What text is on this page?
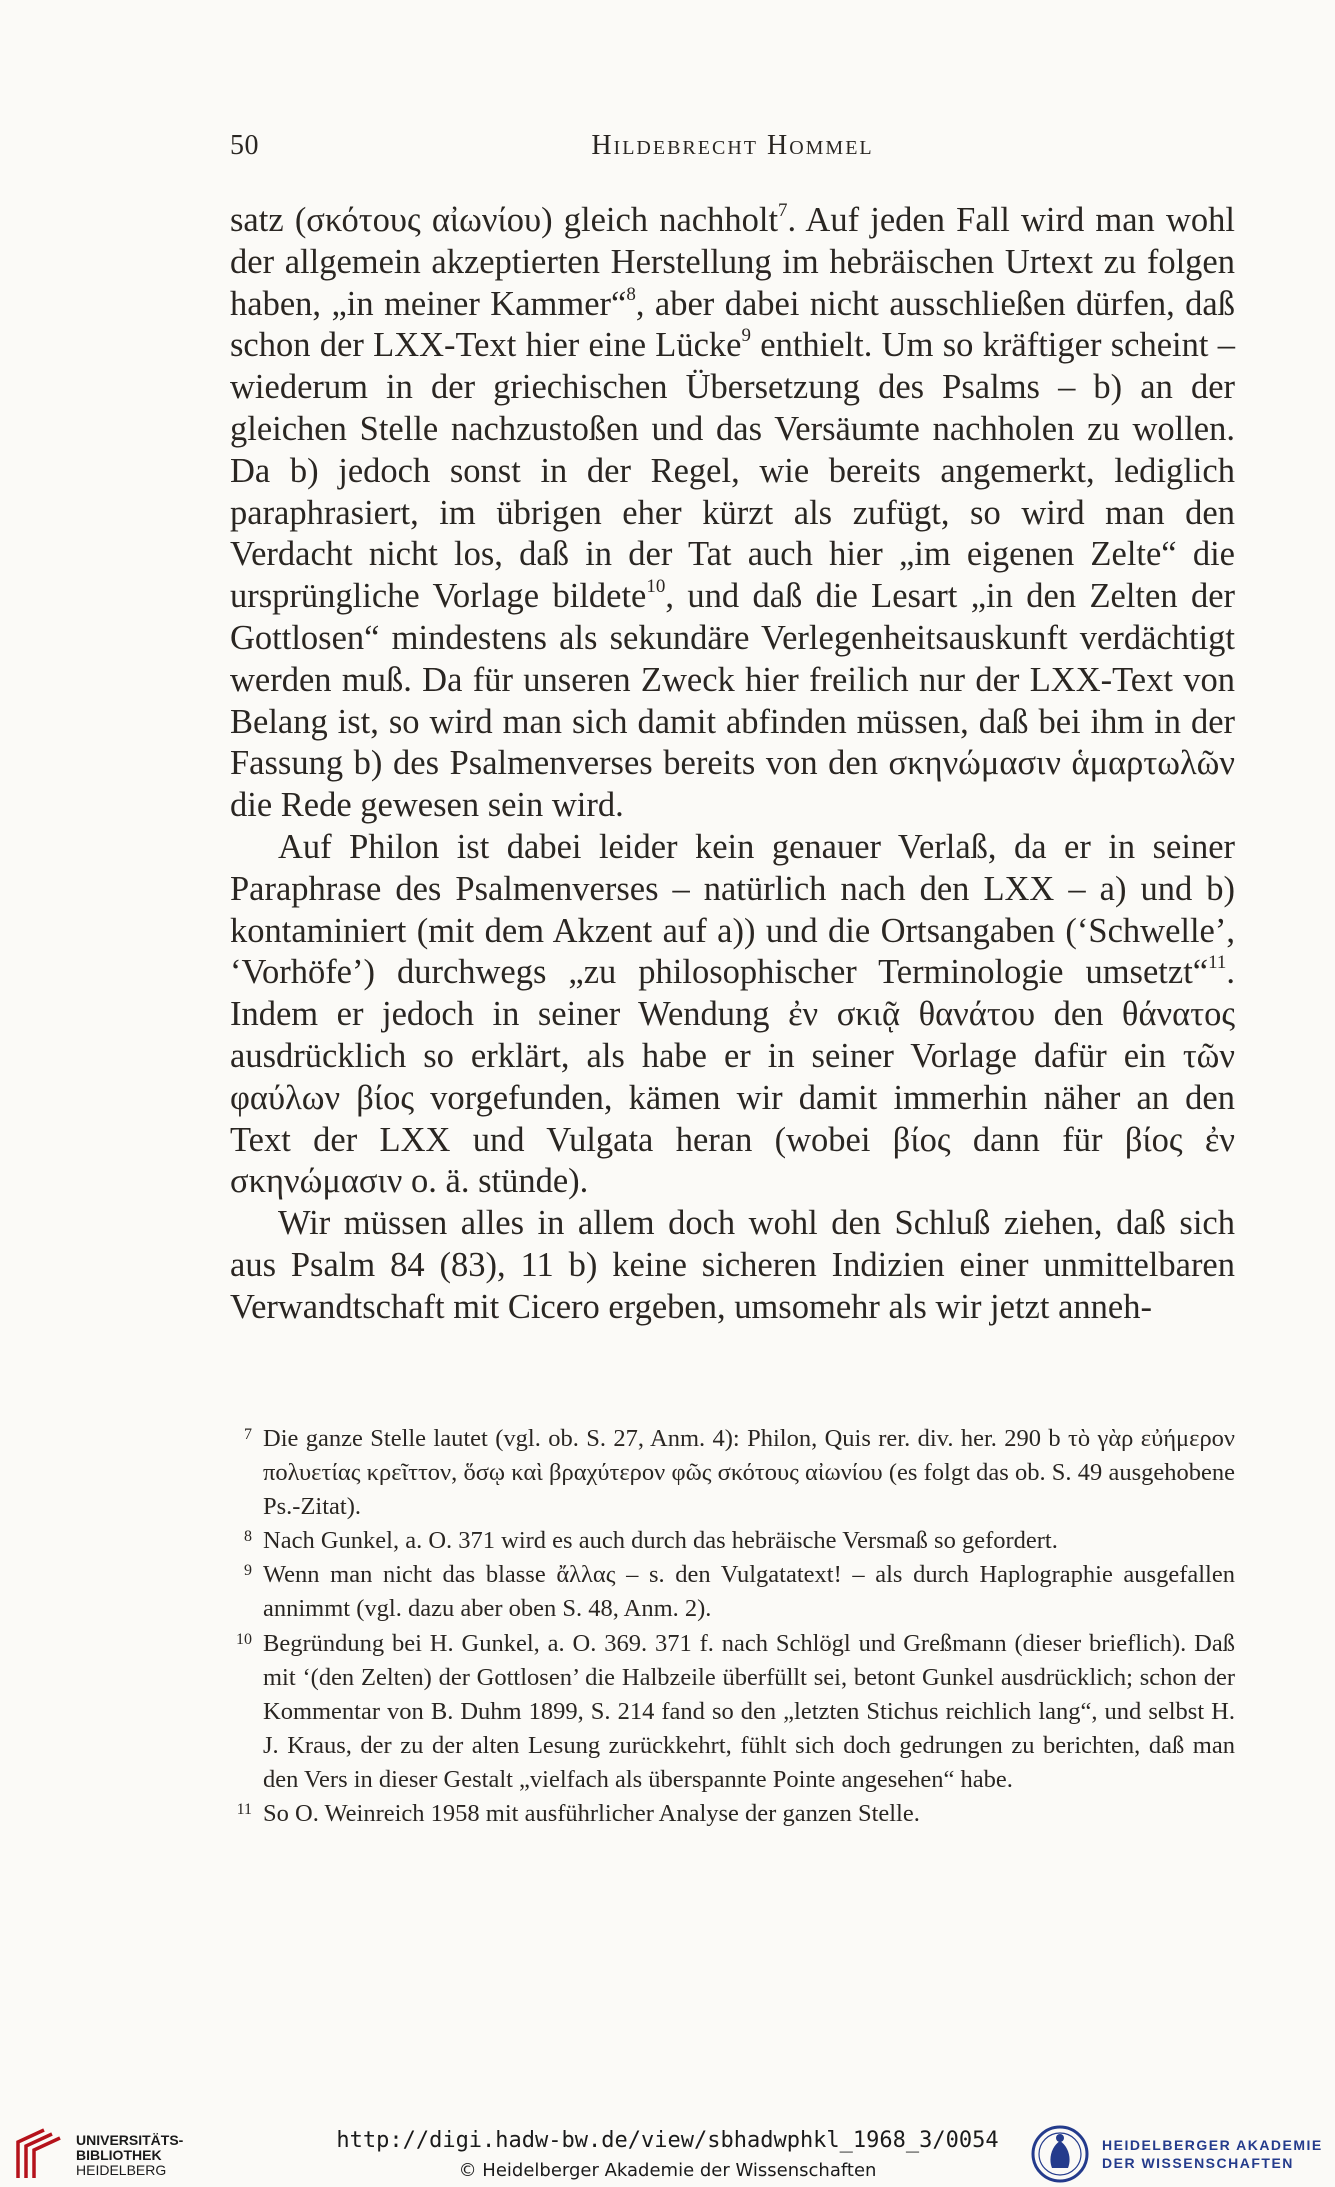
50	Hildebrecht Hommel

satz (σκότους αἰωνίου) gleich nachholt$^7$. Auf jeden Fall wird man wohl der allgemein akzeptierten Herstellung im hebräischen Urtext zu folgen haben, „in meiner Kammer“$^8$, aber dabei nicht ausschließen dürfen, daß schon der LXX-Text hier eine Lücke$^9$ enthielt. Um so kräftiger scheint – wiederum in der griechischen Übersetzung des Psalms – b) an der gleichen Stelle nachzustoßen und das Versäumte nachholen zu wollen. Da b) jedoch sonst in der Regel, wie bereits angemerkt, lediglich paraphrasiert, im übrigen eher kürzt als zufügt, so wird man den Verdacht nicht los, daß in der Tat auch hier „im eigenen Zelte“ die ursprüngliche Vorlage bildete$^{10}$, und daß die Lesart „in den Zelten der Gottlosen“ mindestens als sekundäre Verlegenheitsauskunft verdächtigt werden muß. Da für unseren Zweck hier freilich nur der LXX-Text von Belang ist, so wird man sich damit abfinden müssen, daß bei ihm in der Fassung b) des Psalmenverses bereits von den σκηνώμασιν ἁμαρτωλῶν die Rede gewesen sein wird.

Auf Philon ist dabei leider kein genauer Verlaß, da er in seiner Paraphrase des Psalmenverses – natürlich nach den LXX – a) und b) kontaminiert (mit dem Akzent auf a)) und die Ortsangaben (‘Schwelle’, ‘Vorhöfe’) durchwegs „zu philosophischer Terminologie umsetzt“$^{11}$. Indem er jedoch in seiner Wendung ἐν σκιᾷ θανάτου den θάνατος ausdrücklich so erklärt, als habe er in seiner Vorlage dafür ein τῶν φαύλων βίος vorgefunden, kämen wir damit immerhin näher an den Text der LXX und Vulgata heran (wobei βίος dann für βίος ἐν σκηνώμασιν o. ä. stünde).

Wir müssen alles in allem doch wohl den Schluß ziehen, daß sich aus Psalm 84 (83), 11 b) keine sicheren Indizien einer unmittelbaren Verwandtschaft mit Cicero ergeben, umsomehr als wir jetzt anneh-

7 Die ganze Stelle lautet (vgl. ob. S. 27, Anm. 4): Philon, Quis rer. div. her. 290 b τὸ γὰρ εὐήμερον πολυετίας κρεῖττον, ὅσῳ καὶ βραχύτερον φῶς σκότους αἰωνίου (es folgt das ob. S. 49 ausgehobene Ps.-Zitat).
8 Nach Gunkel, a. O. 371 wird es auch durch das hebräische Versmaß so gefordert.
9 Wenn man nicht das blasse ἄλλας – s. den Vulgatatext! – als durch Haplographie ausgefallen annimmt (vgl. dazu aber oben S. 48, Anm. 2).
10 Begründung bei H. Gunkel, a. O. 369. 371 f. nach Schlögl und Greßmann (dieser brieflich). Daß mit ‘(den Zelten) der Gottlosen’ die Halbzeile überfüllt sei, betont Gunkel ausdrücklich; schon der Kommentar von B. Duhm 1899, S. 214 fand so den „letzten Stichus reichlich lang“, und selbst H. J. Kraus, der zu der alten Lesung zurückkehrt, fühlt sich doch gedrungen zu berichten, daß man den Vers in dieser Gestalt „vielfach als überspannte Pointe angesehen“ habe.
11 So O. Weinreich 1958 mit ausführlicher Analyse der ganzen Stelle.
UNIVERSITÄTS-
BIBLIOTHEK
HEIDELBERG
http://digi.hadw-bw.de/view/sbhadwphkl_1968_3/0054
© Heidelberger Akademie der Wissenschaften
HEIDELBERGER AKADEMIE
DER WISSENSCHAFTEN
